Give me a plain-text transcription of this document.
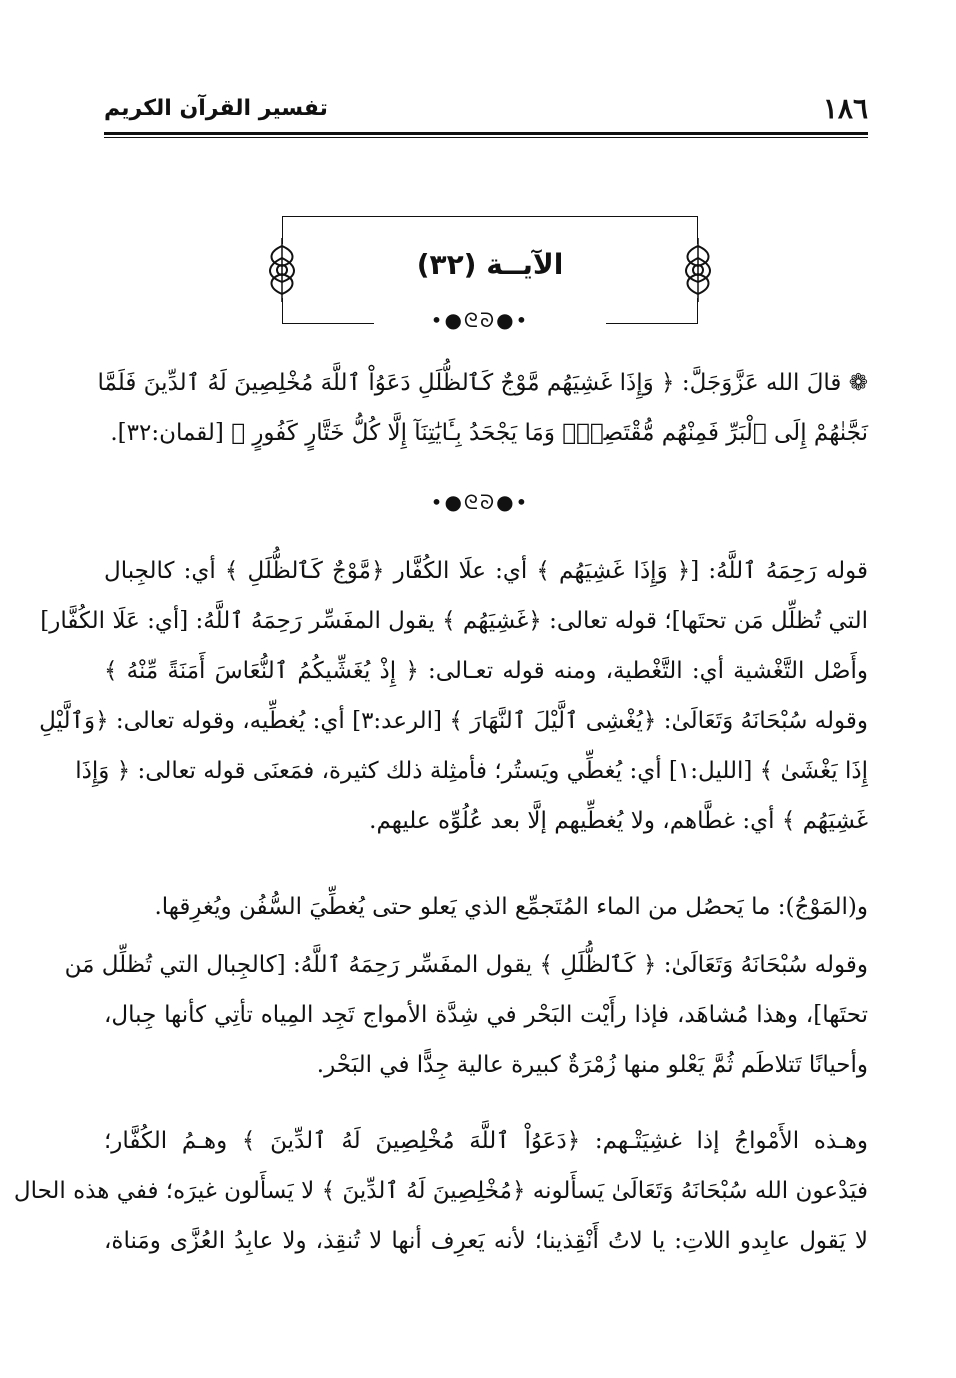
١٨٦
تفسير القرآن الكريم
الآيــة (٣٢)
•●ᘓᘐ●•
❁ قالَ الله عَزَّوَجَلَّ: ﴿ وَإِذَا غَشِيَهُم مَّوْجٌ كَٱلظُّلَلِ دَعَوُاْ ٱللَّهَ مُخْلِصِينَ لَهُ ٱلدِّينَ فَلَمَّا
نَجَّنٰهُمْ إِلَى ٱلْبَرِّ فَمِنْهُم مُّقْتَصِدٌۚ وَمَا يَجْحَدُ بِـَٔايَٰتِنَآ إِلَّا كُلُّ خَتَّارٍ كَفُورٍ ﴾ [لقمان:٣٢].
•●ᘓᘐ●•
قوله رَحِمَهُ ٱللَّهُ: [﴿ وَإِذَا غَشِيَهُم ﴾ أي: علَا الكُفَّار ﴿مَّوْجٌ كَٱلظُّلَلِ ﴾ أي: كالجِبال
التي تُظلِّل مَن تحتَها]؛ قوله تعالى: ﴿غَشِيَهُم ﴾ يقول المفَسِّر رَحِمَهُ ٱللَّهُ: [أي: عَلَا الكُفَّار]
وأَصْل التَّغْشية أي: التَّغْطية، ومنه قوله تعـالى: ﴿ إِذْ يُغَشِّيكُمُ ٱلنُّعَاسَ أَمَنَةً مِّنْهُ ﴾
وقوله سُبْحَانَهُ وَتَعَالَىٰ: ﴿يُغْشِى ٱلَّيْلَ ٱلنَّهَارَ ﴾ [الرعد:٣] أي: يُغطِّيه، وقوله تعالى: ﴿وَٱلَّيْلِ
إِذَا يَغْشَىٰ ﴾ [الليل:١] أي: يُغطِّي ويَستُر؛ فأمثِلة ذلك كثيرة، فمَعنَى قوله تعالى: ﴿ وَإِذَا
غَشِيَهُم ﴾ أي: غطَّاهم، ولا يُغطِّيهم إلَّا بعد عُلُوِّه عليهم.
و(المَوْجُ): ما يَحصُل من الماء المُتَجمِّع الذي يَعلو حتى يُغطِّيَ السُّفُن ويُغرِقها.
وقوله سُبْحَانَهُ وَتَعَالَىٰ: ﴿ كَٱلظُّلَلِ ﴾ يقول المفَسِّر رَحِمَهُ ٱللَّهُ: [كالجِبال التي تُظلِّل مَن
تحتَها]، وهذا مُشاهَد، فإذا رأَيْت البَحْر في شِدَّة الأمواج تَجِد المِياه تأتِي كأنها جِبال،
وأحيانًا تَتلاطَم ثُمَّ يَعْلو منها زُمْرَةٌ كبيرة عالية جِدًّا في البَحْر.
وهـذه الأَمْواجُ إذا غشِيَتْـهم: ﴿دَعَوُاْ ٱللَّهَ مُخْلِصِينَ لَهُ ٱلدِّينَ ﴾ وهـمُ الكُفَّار؛
فيَدْعون الله سُبْحَانَهُ وَتَعَالَىٰ يَسأَلونه ﴿مُخْلِصِينَ لَهُ ٱلدِّينَ ﴾ لا يَسأَلون غيرَه؛ ففي هذه الحال
لا يَقول عابِدو اللاتِ: يا لاتُ أَنْقِذينا؛ لأنه يَعرِف أنها لا تُنقِذ، ولا عابِدُ العُزَّى ومَناة،
